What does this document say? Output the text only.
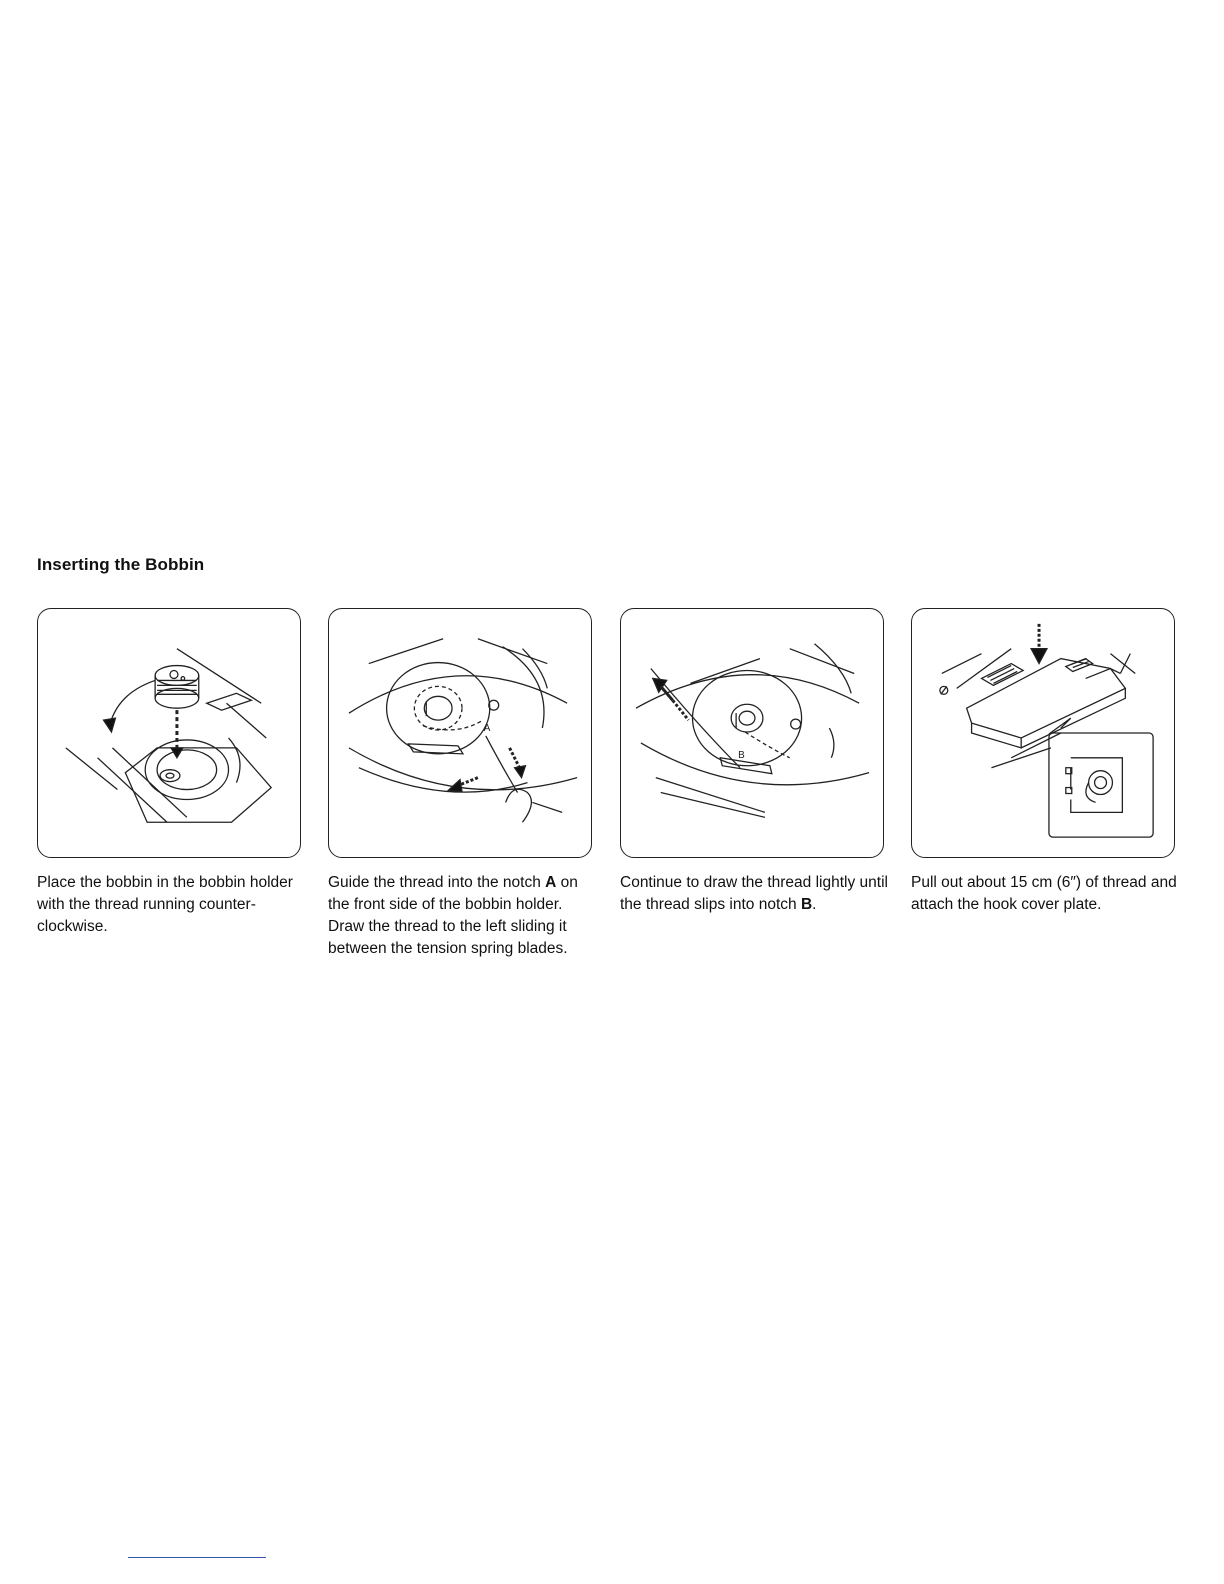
Inserting the Bobbin
A
B
Place the bobbin in the bobbin holder with the thread running counter-clockwise.
Guide the thread into the notch A on the front side of the bobbin holder. Draw the thread to the left sliding it between the tension spring blades.
Continue to draw the thread lightly until the thread slips into notch B.
Pull out about 15 cm (6″) of thread and attach the hook cover plate.
